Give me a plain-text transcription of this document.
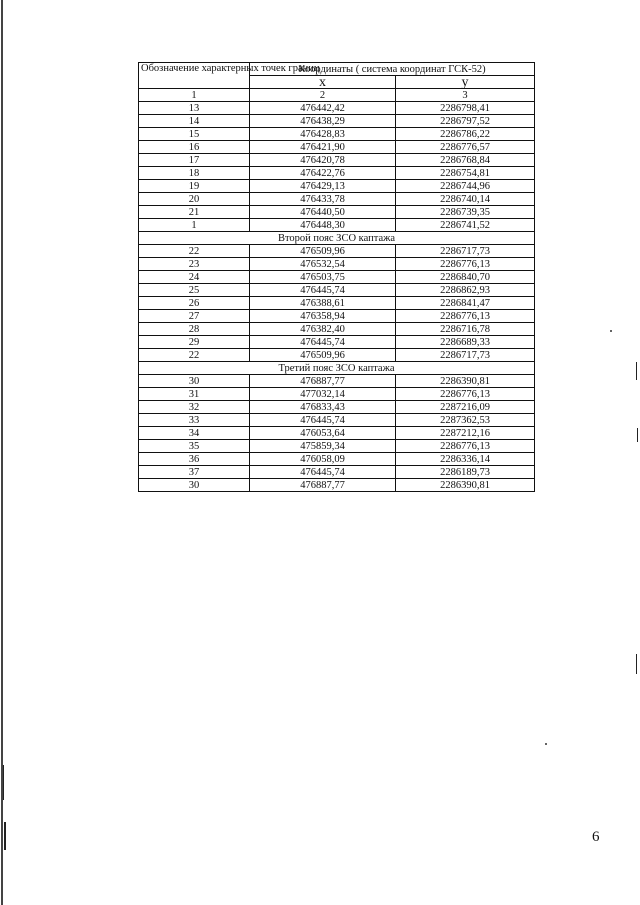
Обозначение характерных точек границ	Координаты ( система координат ГСК-52)	
	х	у
1	2	3
13	476442,42	2286798,41
14	476438,29	2286797,52
15	476428,83	2286786,22
16	476421,90	2286776,57
17	476420,78	2286768,84
18	476422,76	2286754,81
19	476429,13	2286744,96
20	476433,78	2286740,14
21	476440,50	2286739,35
1	476448,30	2286741,52
Второй пояс ЗСО каптажа		
22	476509,96	2286717,73
23	476532,54	2286776,13
24	476503,75	2286840,70
25	476445,74	2286862,93
26	476388,61	2286841,47
27	476358,94	2286776,13
28	476382,40	2286716,78
29	476445,74	2286689,33
22	476509,96	2286717,73
Третий пояс ЗСО каптажа		
30	476887,77	2286390,81
31	477032,14	2286776,13
32	476833,43	2287216,09
33	476445,74	2287362,53
34	476053,64	2287212,16
35	475859,34	2286776,13
36	476058,09	2286336,14
37	476445,74	2286189,73
30	476887,77	2286390,81
6
